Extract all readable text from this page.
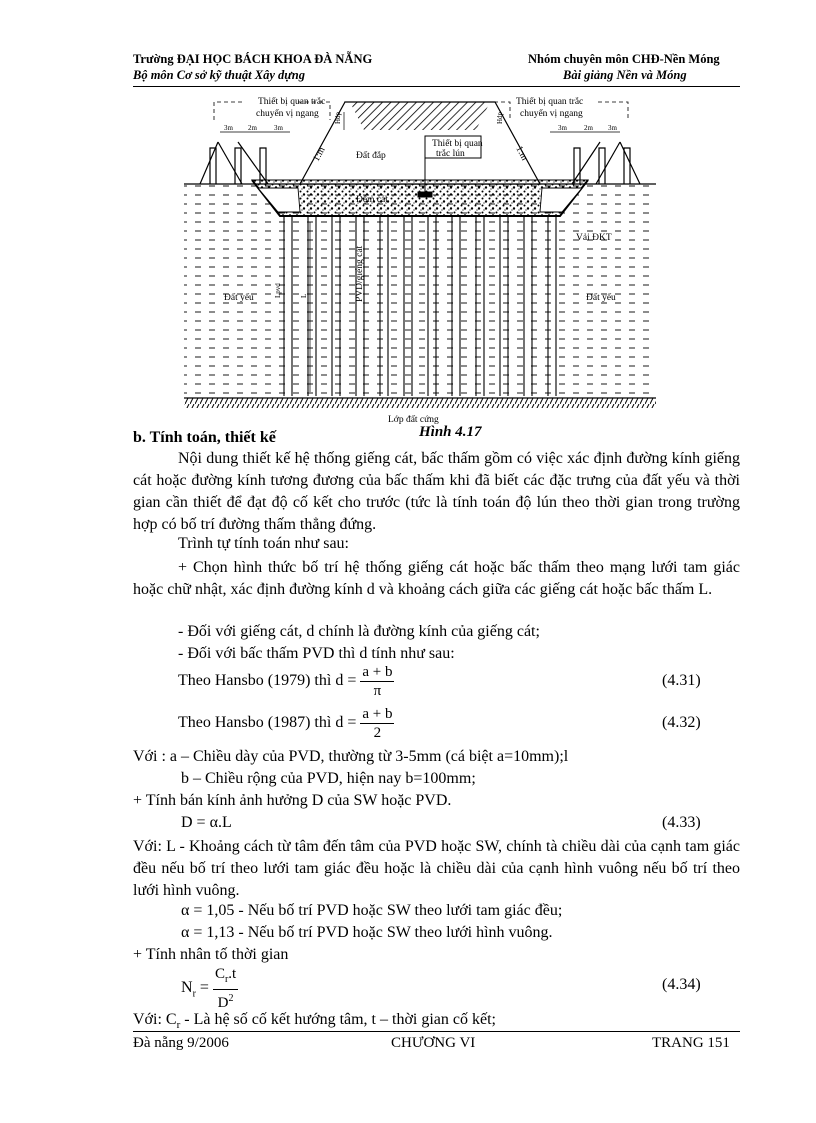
Trường ĐẠI HỌC BÁCH KHOA ĐÀ NẴNG	Nhóm chuyên môn CHĐ-Nền Móng
Bộ môn Cơ sở kỹ thuật Xây dựng	Bài giảng Nền và Móng
Thiết bị quan trắc
chuyển vị ngang
Thiết bị quan trắc
chuyển vị ngang
Thiết bị quan
trắc lún
Đất đắp
Đệm cát
Vải ĐKT
Đất yếu	Đất yếu
Lớp đất cứng
PVD/giếng cát
1:m	1:m
3m 2m 3m	3m 2m 3m
Hdp	Hdp
L
Lpvd
Hình 4.17
b. Tính toán, thiết kế
Nội dung thiết kế hệ thống giếng cát, bấc thấm gồm có việc xác định đường kính giếng cát hoặc đường kính tương đương của bấc thấm khi đã biết các đặc trưng của đất yếu và thời gian cần thiết để đạt độ cố kết cho trước (tức là tính toán độ lún theo thời gian trong trường hợp có bố trí đường thấm thẳng đứng.
Trình tự tính toán như sau:
+ Chọn hình thức bố trí hệ thống giếng cát hoặc bấc thấm theo mạng lưới tam giác hoặc chữ nhật, xác định đường kính d và khoảng cách giữa các giếng cát hoặc bấc thấm L.
- Đối với giếng cát, d chính là đường kính của giếng cát;
- Đối với bấc thấm PVD thì d tính như sau:
Theo Hansbo (1979) thì $d = \frac{a + b}{\pi}$	(4.31)
Theo Hansbo (1987) thì $d = \frac{a + b}{2}$	(4.32)
Với : a – Chiều dày của PVD, thường từ 3-5mm (cá biệt a=10mm);l
b – Chiều rộng của PVD, hiện nay b=100mm;
+ Tính bán kính ảnh hưởng D của SW hoặc PVD.
D = α.L	(4.33)
Với: L - Khoảng cách từ tâm đến tâm của PVD hoặc SW, chính tà chiều dài của cạnh tam giác đều nếu bố trí theo lưới tam giác đều hoặc là chiều dài của cạnh hình vuông nếu bố trí theo lưới hình vuông.
α = 1,05 - Nếu bố trí PVD hoặc SW theo lưới tam giác đều;
α = 1,13 - Nếu bố trí PVD hoặc SW theo lưới hình vuông.
+ Tính nhân tố thời gian
$N_r = \frac{C_r.t}{D^2}$	(4.34)
Với: $C_r$ - Là hệ số cố kết hướng tâm, t – thời gian cố kết;
Đà nẵng 9/2006	CHƯƠNG VI	TRANG 151
